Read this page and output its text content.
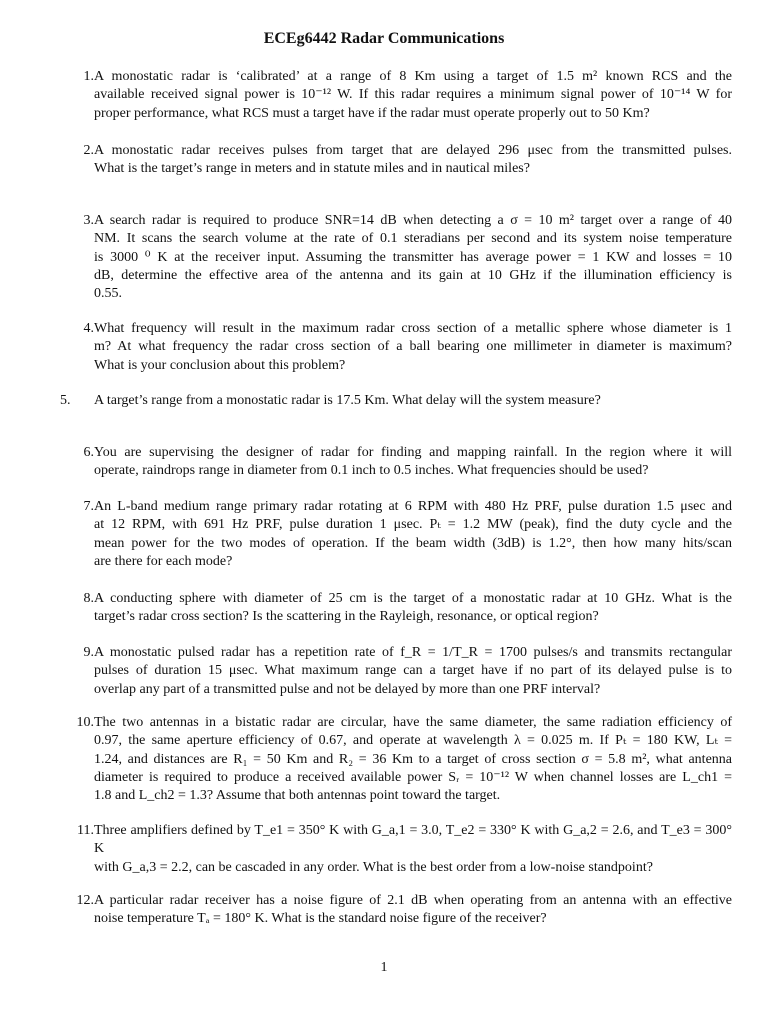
ECEg6442 Radar Communications
1. A monostatic radar is ‘calibrated’ at a range of 8 Km using a target of 1.5 m² known RCS and the
available received signal power is 10⁻¹² W. If this radar requires a minimum signal power of 10⁻¹⁴ W for
proper performance, what RCS must a target have if the radar must operate properly out to 50 Km?
2. A monostatic radar receives pulses from target that are delayed 296 μsec from the transmitted pulses.
What is the target’s range in meters and in statute miles and in nautical miles?
3. A search radar is required to produce SNR=14 dB when detecting a σ = 10 m² target over a range of 40
NM. It scans the search volume at the rate of 0.1 steradians per second and its system noise temperature
is 3000 ⁰ K at the receiver input. Assuming the transmitter has average power = 1 KW and losses = 10
dB, determine the effective area of the antenna and its gain at 10 GHz if the illumination efficiency is
0.55.
4. What frequency will result in the maximum radar cross section of a metallic sphere whose diameter is 1
m? At what frequency the radar cross section of a ball bearing one millimeter in diameter is maximum?
What is your conclusion about this problem?
5.	A target’s range from a monostatic radar is 17.5 Km. What delay will the system measure?
6. You are supervising the designer of radar for finding and mapping rainfall. In the region where it will
operate, raindrops range in diameter from 0.1 inch to 0.5 inches. What frequencies should be used?
7. An L-band medium range primary radar rotating at 6 RPM with 480 Hz PRF, pulse duration 1.5 μsec and
at 12 RPM, with 691 Hz PRF, pulse duration 1 μsec. Pₜ = 1.2 MW (peak), find the duty cycle and the
mean power for the two modes of operation. If the beam width (3dB) is 1.2°, then how many hits/scan
are there for each mode?
8. A conducting sphere with diameter of 25 cm is the target of a monostatic radar at 10 GHz. What is the
target’s radar cross section? Is the scattering in the Rayleigh, resonance, or optical region?
9. A monostatic pulsed radar has a repetition rate of f_R = 1/T_R = 1700 pulses/s and transmits rectangular
pulses of duration 15 μsec. What maximum range can a target have if no part of its delayed pulse is to
overlap any part of a transmitted pulse and not be delayed by more than one PRF interval?
10. The two antennas in a bistatic radar are circular, have the same diameter, the same radiation efficiency of
0.97, the same aperture efficiency of 0.67, and operate at wavelength λ = 0.025 m. If Pₜ = 180 KW, Lₜ =
1.24, and distances are R₁ = 50 Km and R₂ = 36 Km to a target of cross section σ = 5.8 m², what antenna
diameter is required to produce a received available power Sᵣ = 10⁻¹² W when channel losses are L_ch1 =
1.8 and L_ch2 = 1.3? Assume that both antennas point toward the target.
11. Three amplifiers defined by T_e1 = 350° K with G_a,1 = 3.0, T_e2 = 330° K with G_a,2 = 2.6, and T_e3 = 300° K
with G_a,3 = 2.2, can be cascaded in any order. What is the best order from a low-noise standpoint?
12. A particular radar receiver has a noise figure of 2.1 dB when operating from an antenna with an effective
noise temperature Tₐ = 180° K. What is the standard noise figure of the receiver?
1
